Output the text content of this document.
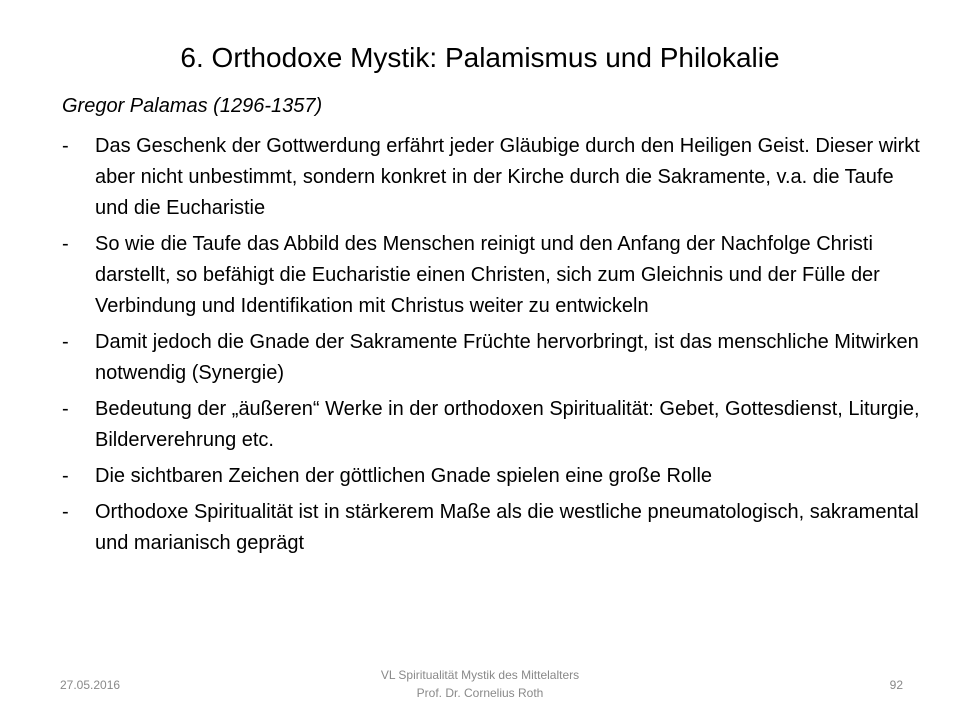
6. Orthodoxe Mystik: Palamismus und Philokalie
Gregor Palamas (1296-1357)
- Das Geschenk der Gottwerdung erfährt jeder Gläubige durch den Heiligen Geist. Dieser wirkt aber nicht unbestimmt, sondern konkret in der Kirche durch die Sakramente, v.a. die Taufe und die Eucharistie
- So wie die Taufe das Abbild des Menschen reinigt und den Anfang der Nachfolge Christi darstellt, so befähigt die Eucharistie einen Christen, sich zum Gleichnis und der Fülle der Verbindung und Identifikation mit Christus weiter zu entwickeln
- Damit jedoch die Gnade der Sakramente Früchte hervorbringt, ist das menschliche Mitwirken notwendig (Synergie)
- Bedeutung der „äußeren“ Werke in der orthodoxen Spiritualität: Gebet, Gottesdienst, Liturgie, Bilderverehrung etc.
- Die sichtbaren Zeichen der göttlichen Gnade spielen eine große Rolle
- Orthodoxe Spiritualität ist in stärkerem Maße als die westliche pneumatologisch, sakramental und marianisch geprägt
27.05.2016
VL Spiritualität Mystik des Mittelalters
Prof. Dr. Cornelius Roth
92
